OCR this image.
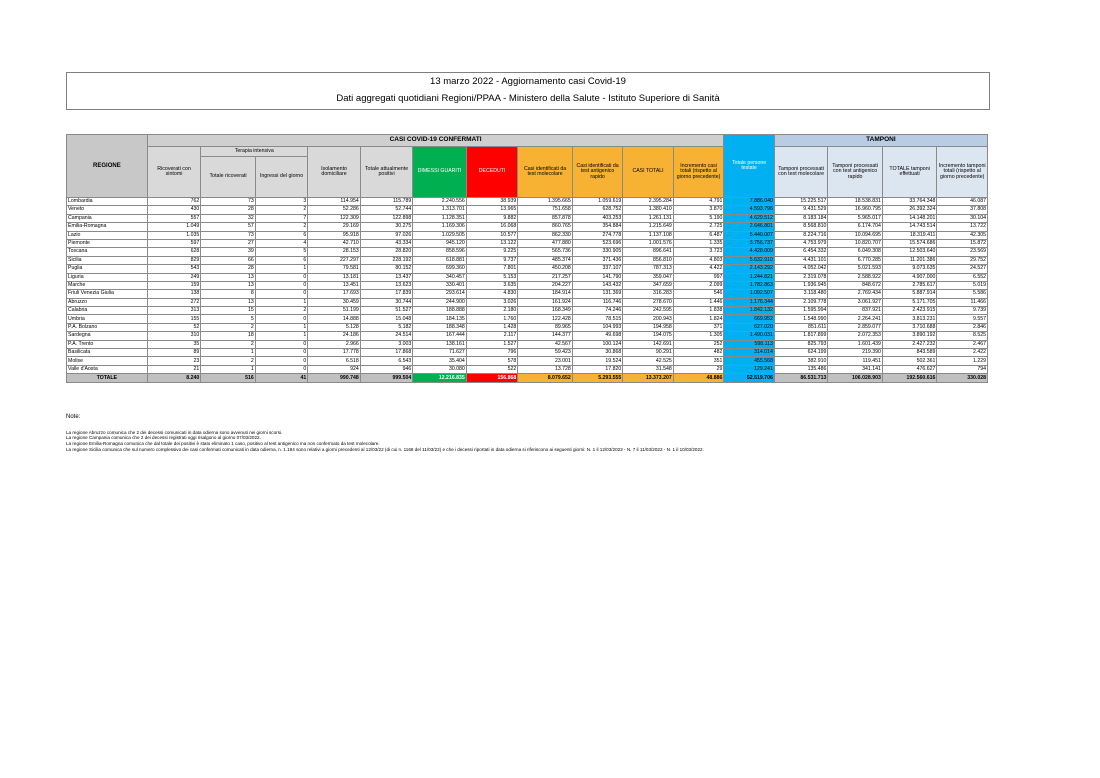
13 marzo 2022 - Aggiornamento casi Covid-19
Dati aggregati quotidiani Regioni/PPAA - Ministero della Salute - Istituto Superiore di Sanità
REGIONE	CASI COVID-19 CONFERMATI											Totale persone testate	TAMPONI			
	Ricoverati con sintomi	Terapia intensiva		Isolamento domiciliare	Totale attualmente positivi	DIMESSI GUARITI	DECEDUTI	Casi identificati da test molecolare	Casi identificati da test antigenico rapido	CASI TOTALI	Incremento casi totali (rispetto al giorno precedente)		Tamponi processati con test molecolare	Tamponi processati con test antigenico rapido	TOTALE tamponi effettuati	Incremento tamponi totali (rispetto al giorno precedente)
		Totale ricoverati	Ingressi del giorno													
Lombardia	762	73	3	114.954	115.789	2.240.556	38.939	1.395.665	1.059.619	2.395.284	4.791	7.886.040	15.225.517	18.538.831	33.764.348	46.087
Veneto	430	28	2	52.286	52.744	1.313.701	13.965	751.658	628.752	1.380.410	3.870	4.593.796	9.431.529	16.960.795	26.392.324	37.808
Campania	557	32	7	122.309	122.898	1.128.351	9.882	857.878	403.253	1.261.131	5.190	4.629.512	8.183.184	5.965.017	14.148.201	30.104
Emilia-Romagna	1.049	57	2	29.169	30.275	1.169.306	16.068	860.765	354.884	1.215.649	2.725	2.646.801	8.568.810	6.174.704	14.743.514	13.722
Lazio	1.035	73	6	95.918	97.026	1.029.505	10.577	862.330	274.778	1.137.108	6.487	5.440.007	8.224.716	10.094.695	18.319.411	42.305
Piemonte	597	27	4	42.710	43.334	945.120	13.122	477.880	523.696	1.001.576	1.335	3.756.737	4.753.979	10.820.707	15.574.686	15.872
Toscana	628	39	5	28.153	28.820	858.596	9.225	565.736	330.905	896.641	3.723	4.428.009	6.454.332	6.049.308	12.503.640	23.569
Sicilia	829	66	6	227.297	228.192	618.881	9.737	485.374	371.436	856.810	4.803	5.632.910	4.431.101	6.770.285	11.201.386	29.752
Puglia	543	28	1	79.581	80.152	699.360	7.801	450.208	337.107	787.313	4.422	2.143.292	4.052.042	5.021.593	9.073.635	24.527
Liguria	249	13	0	13.181	13.437	340.457	5.153	217.257	141.790	359.047	997	1.244.821	2.319.078	2.588.922	4.907.000	6.552
Marche	159	13	0	13.451	13.623	330.401	3.635	204.227	143.432	347.659	2.099	1.782.863	1.936.945	848.672	2.785.617	5.019
Friuli Venezia Giulia	138	8	0	17.693	17.839	293.614	4.830	184.914	131.369	316.283	546	1.092.507	3.118.480	2.769.434	5.887.914	5.586
Abruzzo	272	13	1	30.459	30.744	244.900	3.026	161.924	116.746	278.670	1.446	1.176.344	2.109.778	3.061.927	5.171.705	11.466
Calabria	313	15	2	51.199	51.527	188.888	2.180	168.349	74.246	242.595	1.838	1.842.132	1.595.994	837.921	2.423.915	9.739
Umbria	155	5	0	14.888	15.048	184.135	1.760	122.428	78.515	200.943	1.824	669.952	1.548.990	2.264.241	3.813.231	9.557
P.A. Bolzano	52	2	1	5.128	5.182	188.348	1.428	89.965	104.993	194.958	371	627.020	851.611	2.859.077	3.710.688	2.846
Sardegna	310	18	1	24.186	24.514	167.444	2.117	144.377	49.698	194.075	1.305	1.490.031	1.817.899	2.072.353	3.890.192	8.525
P.A. Trento	35	2	0	2.966	3.003	138.161	1.527	42.567	100.124	142.691	252	598.113	825.793	1.601.439	2.427.232	2.467
Basilicata	89	1	0	17.778	17.868	71.627	796	59.423	30.868	90.291	482	314.014	624.199	219.390	843.589	2.422
Molise	23	2	0	6.518	6.543	35.404	578	23.001	19.524	42.525	351	455.568	382.910	119.451	502.361	1.229
Valle d'Aosta	21	1	0	924	946	30.080	522	13.728	17.820	31.548	29	129.241	135.486	341.141	476.627	794
TOTALE	8.240	516	41	990.748	999.504	12.216.835	156.868	8.079.652	5.293.555	13.373.207	48.886	52.519.706	86.531.713	106.028.903	192.560.616	330.028
Note:
La regione Abruzzo comunica che 2 dei decessi comunicati in data odierna sono avvenuti nei giorni scorsi.
La regione Campania comunica che 2 dei decessi registrati oggi risalgono al giorno 07/03/2022.
La regione Emilia-Romagna comunica che dal totale dei positivi è stato eliminato 1 caso, positivo al test antigenico ma non confermato da test molecolare.
La regione Sicilia comunica che sul numero complessivo dei casi confermati comunicati in data odierna, n. 1.194 sono relativi a giorni precedenti al 12/03/22 (di cui n. 1168 del 11/03/22) e che i decessi riportati in data odierna si riferiscono ai seguenti giorni: N. 1 il 12/03/2022 - N. 7 il 11/03/2022 - N. 1 il 10/03/2022.
